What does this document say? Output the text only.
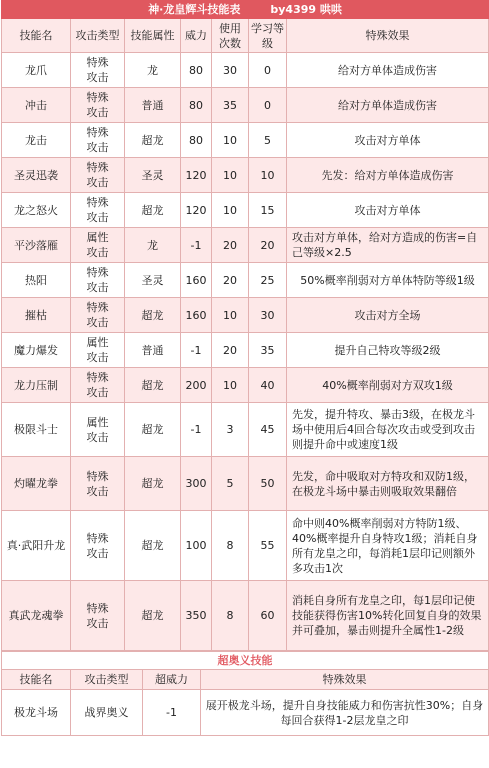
神·龙皇辉斗技能表 by4399 哄哄						

技能名	攻击类型	技能属性	威力	使用次数	学习等级	特殊效果
龙爪	特殊攻击	龙	80	30	0	给对方单体造成伤害
冲击	特殊攻击	普通	80	35	0	给对方单体造成伤害
龙击	特殊攻击	超龙	80	10	5	攻击对方单体
圣灵迅袭	特殊攻击	圣灵	120	10	10	先发：给对方单体造成伤害
龙之怒火	特殊攻击	超龙	120	10	15	攻击对方单体
平沙落雁	属性攻击	龙	-1	20	20	攻击对方单体，给对方造成的伤害=自己等级×2.5
热阳	特殊攻击	圣灵	160	20	25	50%概率削弱对方单体特防等级1级
摧枯	特殊攻击	超龙	160	10	30	攻击对方全场
魔力爆发	属性攻击	普通	-1	20	35	提升自己特攻等级2级
龙力压制	特殊攻击	超龙	200	10	40	40%概率削弱对方双攻1级
极限斗士	属性攻击	超龙	-1	3	45	先发，提升特攻、暴击3级，在极龙斗场中使用后4回合每次攻击或受到攻击则提升命中或速度1级
灼曜龙拳	特殊攻击	超龙	300	5	50	先发，命中吸取对方特攻和双防1级，在极龙斗场中暴击则吸取效果翻倍
真·武阳升龙	特殊攻击	超龙	100	8	55	命中则40%概率削弱对方特防1级、40%概率提升自身特攻1级；消耗自身所有龙皇之印，每消耗1层印记则额外多攻击1次
真武龙魂拳	特殊攻击	超龙	350	8	60	消耗自身所有龙皇之印，每1层印记使技能获得伤害10%转化回复自身的效果并可叠加，暴击则提升全属性1-2级
超奥义技能			
技能名	攻击类型	超威力	特殊效果
极龙斗场	战界奥义	-1	展开极龙斗场，提升自身技能威力和伤害抗性30%；自身每回合获得1-2层龙皇之印
